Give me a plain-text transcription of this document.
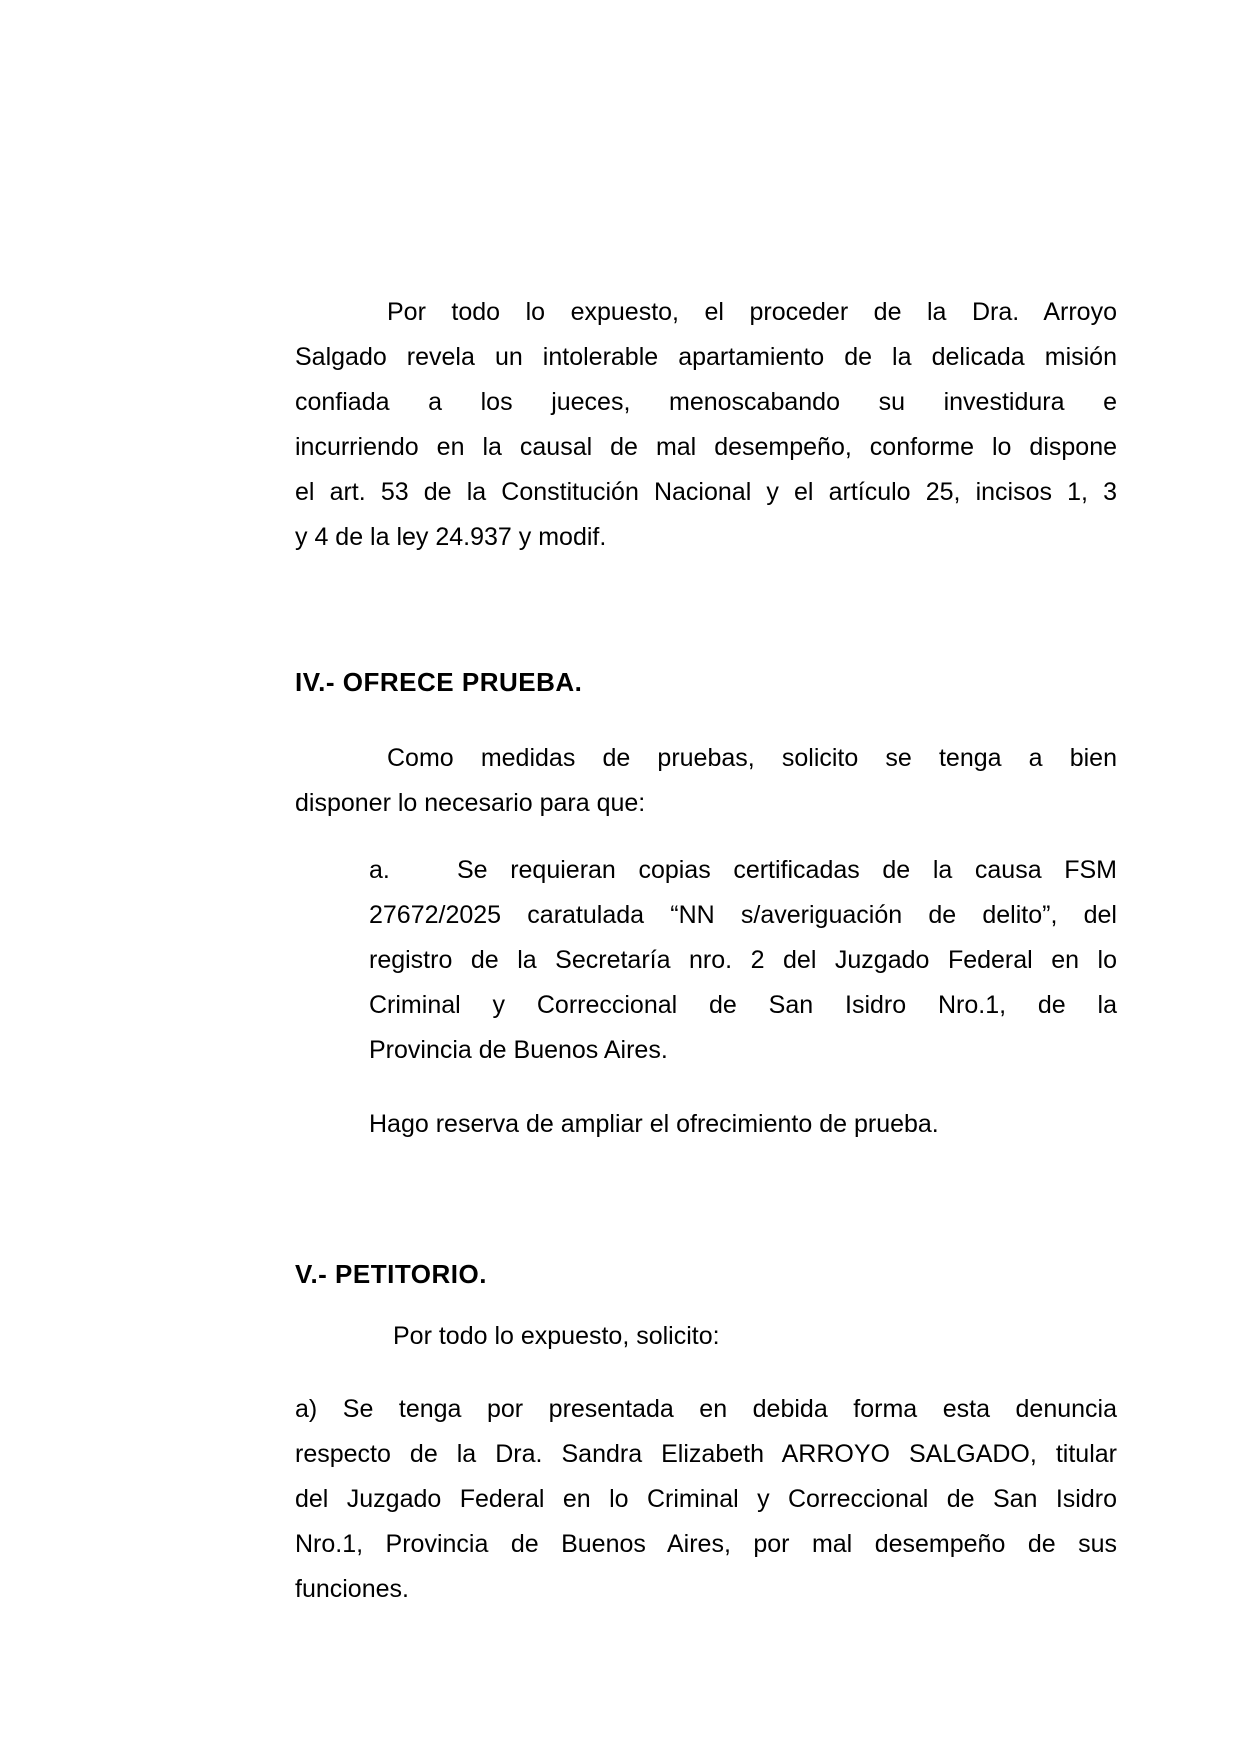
Por todo lo expuesto, el proceder de la Dra. Arroyo
Salgado revela un intolerable apartamiento de la delicada misión
confiada a los jueces, menoscabando su investidura e
incurriendo en la causal de mal desempeño, conforme lo dispone
el art. 53 de la Constitución Nacional y el artículo 25, incisos 1, 3
y 4 de la ley 24.937 y modif.
IV.- OFRECE PRUEBA.
Como medidas de pruebas, solicito se tenga a bien
disponer lo necesario para que:
a.	Se requieran copias certificadas de la causa FSM
27672/2025 caratulada “NN s/averiguación de delito”, del
registro de la Secretaría nro. 2 del Juzgado Federal en lo
Criminal y Correccional de San Isidro Nro.1, de la
Provincia de Buenos Aires.
Hago reserva de ampliar el ofrecimiento de prueba.
V.- PETITORIO.
Por todo lo expuesto, solicito:
a) Se tenga por presentada en debida forma esta denuncia
respecto de la Dra. Sandra Elizabeth ARROYO SALGADO, titular
del Juzgado Federal en lo Criminal y Correccional de San Isidro
Nro.1, Provincia de Buenos Aires, por mal desempeño de sus
funciones.
